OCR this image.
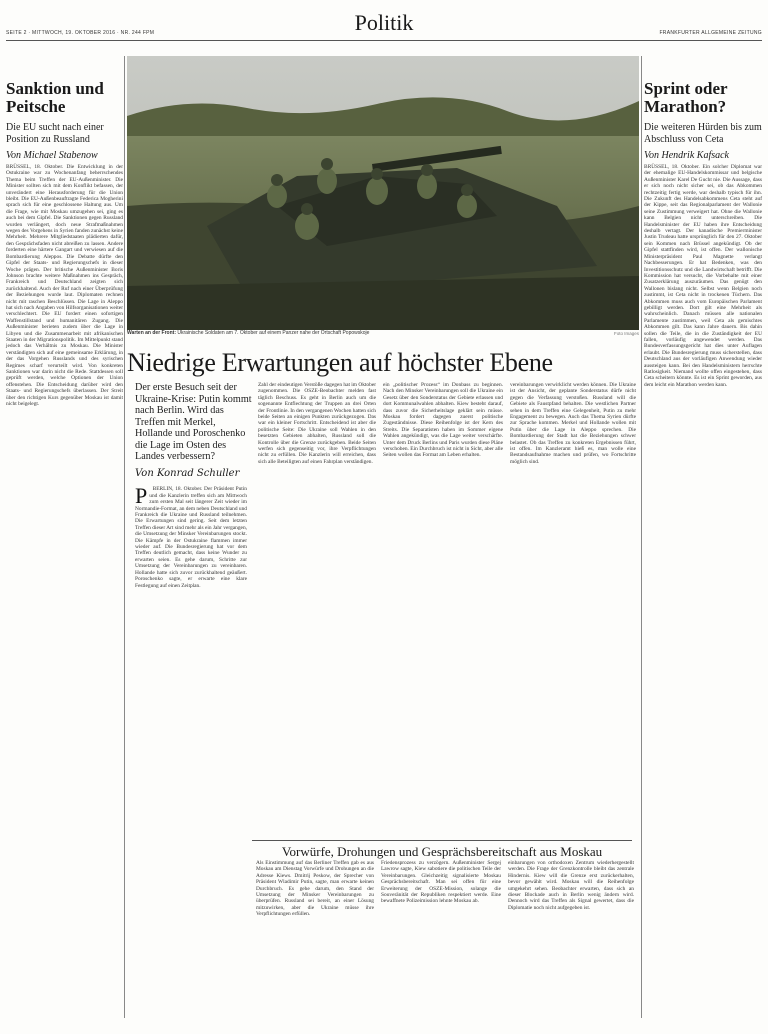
SEITE 2 · MITTWOCH, 19. OKTOBER 2016 · NR. 244 FPM	Politik	FRANKFURTER ALLGEMEINE ZEITUNG
Sanktion und Peitsche
Die EU sucht nach einer Position zu Russland
Von Michael Stabenow
BRÜSSEL, 18. Oktober. Die Entwicklung in der Ostukraine war zu Wochenanfang beherrschendes Thema beim Treffen der EU-Außenminister. Die Minister sollten sich mit dem Konflikt befassen, der unverändert eine Herausforderung für die Union bleibt. Die EU-Außenbeauftragte Federica Mogherini sprach sich für eine geschlossene Haltung aus. Um die Frage, wie mit Moskau umzugehen sei, ging es auch bei dem Gipfel. Die Sanktionen gegen Russland wurden verlängert, doch neue Strafmaßnahmen wegen des Vorgehens in Syrien fanden zunächst keine Mehrheit. Mehrere Mitgliedstaaten plädierten dafür, den Gesprächsfaden nicht abreißen zu lassen. Andere forderten eine härtere Gangart und verwiesen auf die Bombardierung Aleppos. Die Debatte dürfte den Gipfel der Staats- und Regierungschefs in dieser Woche prägen. Der britische Außenminister Boris Johnson brachte weitere Maßnahmen ins Gespräch, Frankreich und Deutschland zeigten sich zurückhaltend. Auch der Ruf nach einer Überprüfung der Beziehungen wurde laut. Diplomaten rechnen nicht mit raschen Beschlüssen. Die Lage in Aleppo hat sich nach Angaben von Hilfsorganisationen weiter verschlechtert. Die EU fordert einen sofortigen Waffenstillstand und humanitären Zugang. Die Außenminister berieten zudem über die Lage in Libyen und die Zusammenarbeit mit afrikanischen Staaten in der Migrationspolitik. Im Mittelpunkt stand jedoch das Verhältnis zu Moskau. Die Minister verständigten sich auf eine gemeinsame Erklärung, in der das Vorgehen Russlands und des syrischen Regimes scharf verurteilt wird. Von konkreten Sanktionen war darin nicht die Rede. Stattdessen soll geprüft werden, welche Optionen der Union offenstehen. Die Entscheidung darüber wird den Staats- und Regierungschefs überlassen. Der Streit über den richtigen Kurs gegenüber Moskau ist damit nicht beigelegt.
Warten an der Front: Ukrainische Soldaten am 7. Oktober auf einem Panzer nahe der Ortschaft Popowskoje	Foto Images
Niedrige Erwartungen auf höchster Ebene
Der erste Besuch seit der Ukraine-Krise: Putin kommt nach Berlin. Wird das Treffen mit Merkel, Hollande und Poroschenko die Lage im Osten des Landes verbessern?
Von Konrad Schuller

P BERLIN, 18. Oktober. Der Präsident Putin und die Kanzlerin treffen sich am Mittwoch zum ersten Mal seit längerer Zeit wieder im Normandie-Format, an dem neben Deutschland und Frankreich die Ukraine und Russland teilnehmen. Die Erwartungen sind gering. Seit dem letzten Treffen dieser Art sind mehr als ein Jahr vergangen, die Umsetzung der Minsker Vereinbarungen stockt. Die Kämpfe in der Ostukraine flammen immer wieder auf. Die Bundesregierung hat vor dem Treffen deutlich gemacht, dass keine Wunder zu erwarten seien. Es gehe darum, Schritte zur Umsetzung der Vereinbarungen zu vereinbaren. Hollande hatte sich zuvor zurückhaltend geäußert. Poroschenko sagte, er erwarte eine klare Festlegung auf einen Zeitplan.

Zahl der eindeutigen Verstöße dagegen hat im Oktober zugenommen. Die OSZE-Beobachter melden fast täglich Beschuss. Es geht in Berlin auch um die sogenannte Entflechtung der Truppen an drei Orten der Frontlinie. In den vergangenen Wochen hatten sich beide Seiten an einigen Punkten zurückgezogen. Das war ein kleiner Fortschritt. Entscheidend ist aber die politische Seite: Die Ukraine soll Wahlen in den besetzten Gebieten abhalten, Russland soll die Kontrolle über die Grenze zurückgeben. Beide Seiten werfen sich gegenseitig vor, ihre Verpflichtungen nicht zu erfüllen. Die Kanzlerin will erreichen, dass sich alle Beteiligten auf einen Fahrplan verständigen.
ein „politischer Prozess“ im Donbass zu beginnen. Nach den Minsker Vereinbarungen soll die Ukraine ein Gesetz über den Sonderstatus der Gebiete erlassen und dort Kommunalwahlen abhalten. Kiew besteht darauf, dass zuvor die Sicherheitslage geklärt sein müsse. Moskau fordert dagegen zuerst politische Zugeständnisse. Diese Reihenfolge ist der Kern des Streits. Die Separatisten haben im Sommer eigene Wahlen angekündigt, was die Lage weiter verschärfte. Unter dem Druck Berlins und Paris wurden diese Pläne verschoben. Ein Durchbruch ist nicht in Sicht, aber alle Seiten wollen das Format am Leben erhalten.
vereinbarungen verwirklicht werden können. Die Ukraine ist der Ansicht, der geplante Sonderstatus dürfe nicht gegen die Verfassung verstoßen. Russland will die Gebiete als Faustpfand behalten. Die westlichen Partner sehen in dem Treffen eine Gelegenheit, Putin zu mehr Engagement zu bewegen. Auch das Thema Syrien dürfte zur Sprache kommen. Merkel und Hollande wollen mit Putin über die Lage in Aleppo sprechen. Die Bombardierung der Stadt hat die Beziehungen schwer belastet. Ob das Treffen zu konkreten Ergebnissen führt, ist offen. Im Kanzleramt hieß es, man wolle eine Bestandsaufnahme machen und prüfen, wo Fortschritte möglich sind.
Vorwürfe, Drohungen und Gesprächsbereitschaft aus Moskau
Als Einstimmung auf das Berliner Treffen gab es aus Moskau am Dienstag Vorwürfe und Drohungen an die Adresse Kiews. Dmitrij Peskow, der Sprecher von Präsident Wladimir Putin, sagte, man erwarte keinen Durchbruch. Es gehe darum, den Stand der Umsetzung der Minsker Vereinbarungen zu überprüfen. Russland sei bereit, an einer Lösung mitzuwirken, aber die Ukraine müsse ihre Verpflichtungen erfüllen.
Friedensprozess zu verzögern. Außenminister Sergej Lawrow sagte, Kiew sabotiere die politischen Teile der Vereinbarungen. Gleichzeitig signalisierte Moskau Gesprächsbereitschaft. Man sei offen für eine Erweiterung der OSZE-Mission, solange die Souveränität der Republiken respektiert werde. Eine bewaffnete Polizeimission lehnte Moskau ab.
einbarungen von orthodoxen Zentrum wiederhergestellt werden. Die Frage der Grenzkontrolle bleibt das zentrale Hindernis. Kiew will die Grenze erst zurückerhalten, bevor gewählt wird. Moskau will die Reihenfolge umgekehrt sehen. Beobachter erwarten, dass sich an dieser Blockade auch in Berlin wenig ändern wird. Dennoch wird das Treffen als Signal gewertet, dass die Diplomatie noch nicht aufgegeben ist.
Sprint oder Marathon?
Die weiteren Hürden bis zum Abschluss von Ceta
Von Hendrik Kafsack
BRÜSSEL, 18. Oktober. Ein solcher Diplomat war der ehemalige EU-Handelskommissar und belgische Außenminister Karel De Gucht nie. Die Aussage, dass er sich noch nicht sicher sei, ob das Abkommen rechtzeitig fertig werde, war deshalb typisch für ihn. Die Zukunft des Handelsabkommens Ceta steht auf der Kippe, seit das Regionalparlament der Wallonie seine Zustimmung verweigert hat. Ohne die Wallonie kann Belgien nicht unterschreiben. Die Handelsminister der EU haben ihre Entscheidung deshalb vertagt. Der kanadische Premierminister Justin Trudeau hatte ursprünglich für den 27. Oktober sein Kommen nach Brüssel angekündigt. Ob der Gipfel stattfinden wird, ist offen. Der wallonische Ministerpräsident Paul Magnette verlangt Nachbesserungen. Er hat Bedenken, was den Investitionsschutz und die Landwirtschaft betrifft. Die Kommission hat versucht, die Vorbehalte mit einer Zusatzerklärung auszuräumen. Das genügt den Wallonen bislang nicht. Selbst wenn Belgien noch zustimmt, ist Ceta nicht in trockenen Tüchern. Das Abkommen muss auch vom Europäischen Parlament gebilligt werden. Dort gilt eine Mehrheit als wahrscheinlich. Danach müssen alle nationalen Parlamente zustimmen, weil Ceta als gemischtes Abkommen gilt. Das kann Jahre dauern. Bis dahin sollen die Teile, die in die Zuständigkeit der EU fallen, vorläufig angewendet werden. Das Bundesverfassungsgericht hat dies unter Auflagen erlaubt. Die Bundesregierung muss sicherstellen, dass Deutschland aus der vorläufigen Anwendung wieder aussteigen kann. Bei den Handelsministern herrschte Ratlosigkeit. Niemand wollte offen eingestehen, dass Ceta scheitern könnte. Es ist ein Sprint geworden, aus dem leicht ein Marathon werden kann.
